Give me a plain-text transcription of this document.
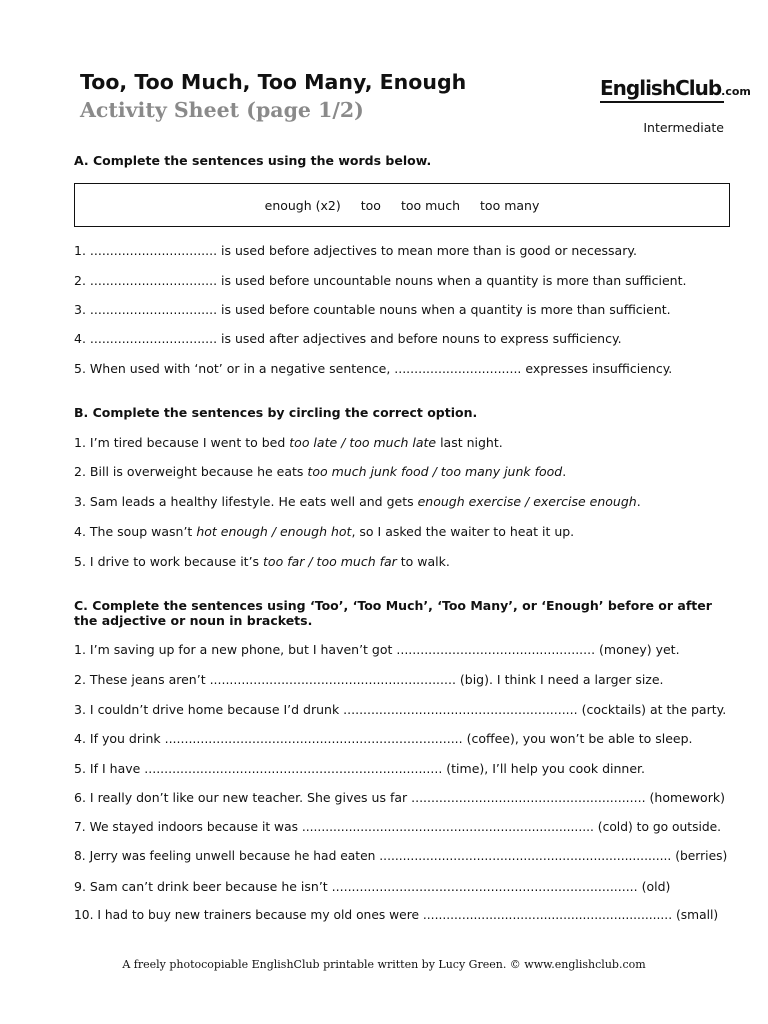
Too, Too Much, Too Many, Enough
Activity Sheet (page 1/2)
EnglishClub.com
Intermediate
A. Complete the sentences using the words below.
enough (x2) too too much too many
1. ................................ is used before adjectives to mean more than is good or necessary.
2. ................................ is used before uncountable nouns when a quantity is more than sufficient.
3. ................................ is used before countable nouns when a quantity is more than sufficient.
4. ................................ is used after adjectives and before nouns to express sufficiency.
5. When used with ‘not’ or in a negative sentence, ................................ expresses insufficiency.
B. Complete the sentences by circling the correct option.
1. I’m tired because I went to bed too late / too much late last night.
2. Bill is overweight because he eats too much junk food / too many junk food.
3. Sam leads a healthy lifestyle. He eats well and gets enough exercise / exercise enough.
4. The soup wasn’t hot enough / enough hot, so I asked the waiter to heat it up.
5. I drive to work because it’s too far / too much far to walk.
C. Complete the sentences using ‘Too’, ‘Too Much’, ‘Too Many’, or ‘Enough’ before or after the adjective or noun in brackets.
1. I’m saving up for a new phone, but I haven’t got .................................................. (money) yet.
2. These jeans aren’t .............................................................. (big). I think I need a larger size.
3. I couldn’t drive home because I’d drunk ........................................................... (cocktails) at the party.
4. If you drink ........................................................................... (coffee), you won’t be able to sleep.
5. If I have ........................................................................... (time), I’ll help you cook dinner.
6. I really don’t like our new teacher. She gives us far ........................................................... (homework)
7. We stayed indoors because it was ........................................................................... (cold) to go outside.
8. Jerry was feeling unwell because he had eaten ........................................................................... (berries)
9. Sam can’t drink beer because he isn’t ............................................................................. (old)
10. I had to buy new trainers because my old ones were ................................................................ (small)
A freely photocopiable EnglishClub printable written by Lucy Green. © www.englishclub.com
